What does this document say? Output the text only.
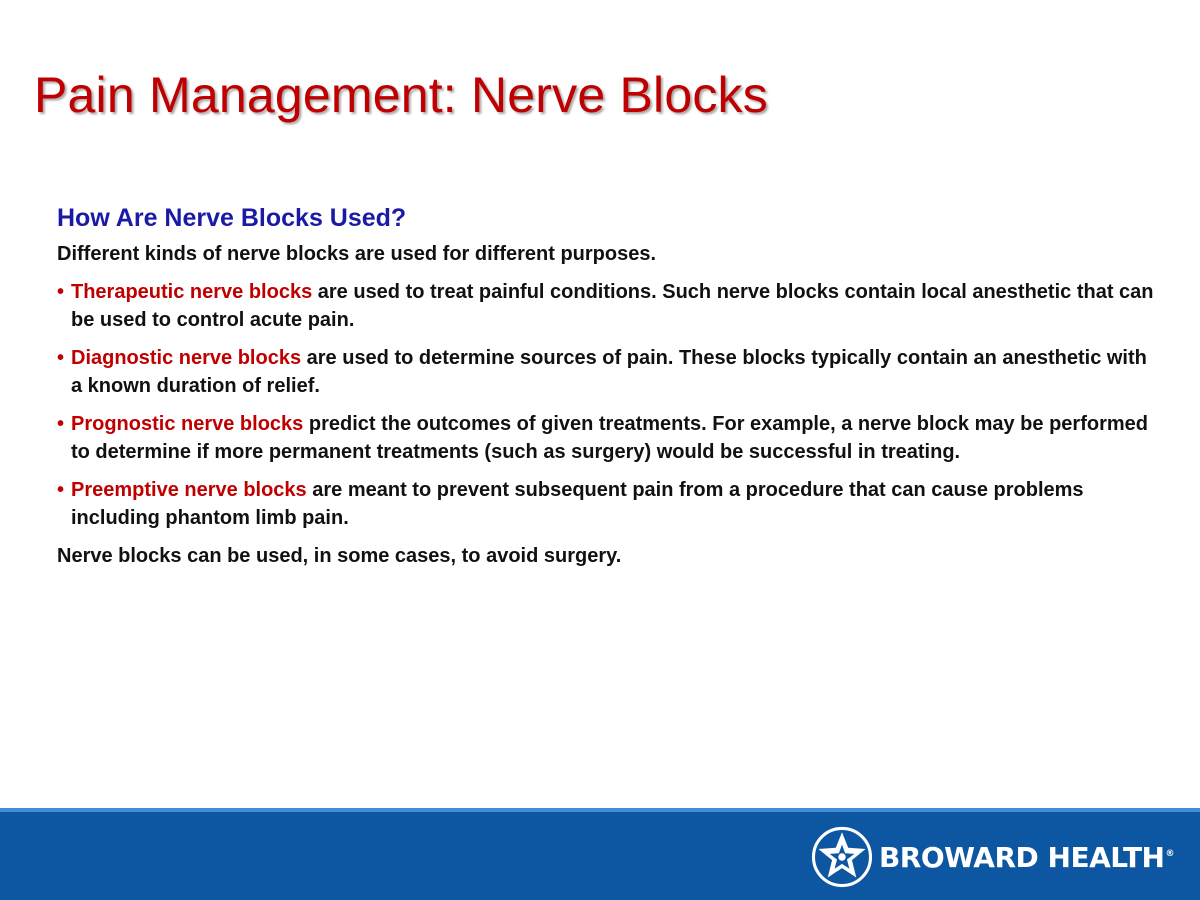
Pain Management: Nerve Blocks
How Are Nerve Blocks Used?

Different kinds of nerve blocks are used for different purposes.

• Therapeutic nerve blocks are used to treat painful conditions. Such nerve blocks contain local anesthetic that can be used to control acute pain.
• Diagnostic nerve blocks are used to determine sources of pain. These blocks typically contain an anesthetic with a known duration of relief.
• Prognostic nerve blocks predict the outcomes of given treatments. For example, a nerve block may be performed to determine if more permanent treatments (such as surgery) would be successful in treating.
• Preemptive nerve blocks are meant to prevent subsequent pain from a procedure that can cause problems including phantom limb pain.

Nerve blocks can be used, in some cases, to avoid surgery.

BROWARD HEALTH®
